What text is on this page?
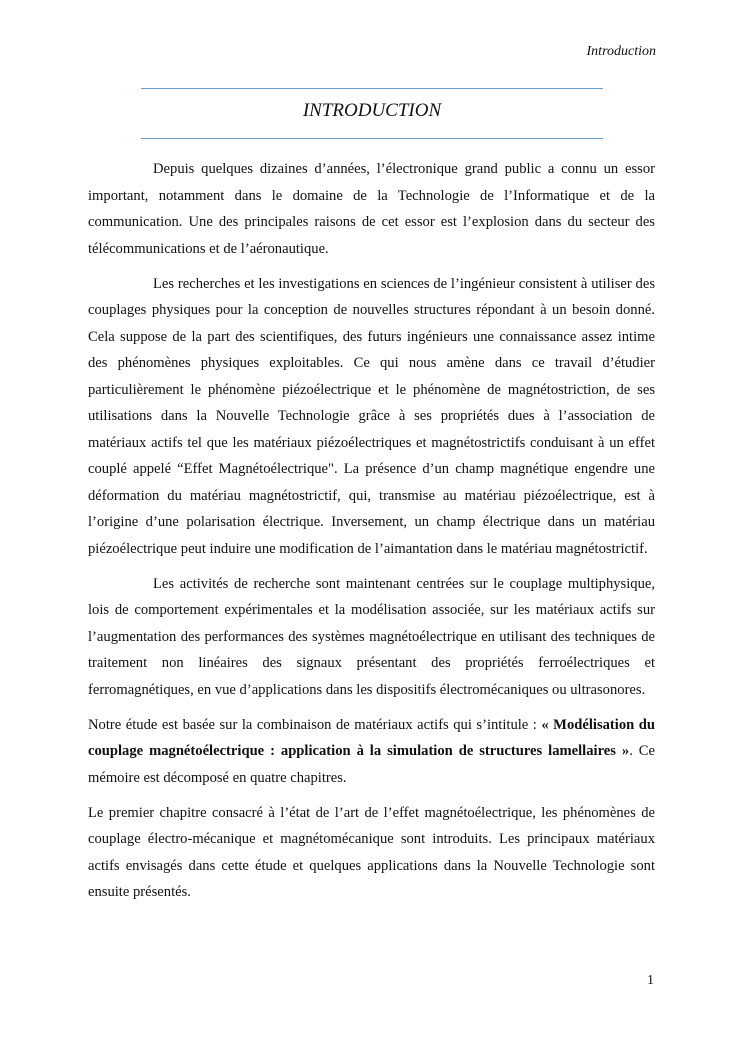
Introduction
INTRODUCTION

Depuis quelques dizaines d’années, l’électronique grand public a connu un essor important, notamment dans le domaine de la Technologie de l’Informatique et de la communication. Une des principales raisons de cet essor est l’explosion dans du secteur des télécommunications et de l’aéronautique.

Les recherches et les investigations en sciences de l’ingénieur consistent à utiliser des couplages physiques pour la conception de nouvelles structures répondant à un besoin donné. Cela suppose de la part des scientifiques, des futurs ingénieurs une connaissance assez intime des phénomènes physiques exploitables. Ce qui nous amène dans ce travail d’étudier particulièrement le phénomène piézoélectrique et le phénomène de magnétostriction, de ses utilisations dans la Nouvelle Technologie grâce à ses propriétés dues à l’association de matériaux actifs tel que les matériaux piézoélectriques et magnétostrictifs conduisant à un effet couplé appelé “Effet Magnétoélectrique". La présence d’un champ magnétique engendre une déformation du matériau magnétostrictif, qui, transmise au matériau piézoélectrique, est à l’origine d’une polarisation électrique. Inversement, un champ électrique dans un matériau piézoélectrique peut induire une modification de l’aimantation dans le matériau magnétostrictif.

Les activités de recherche sont maintenant centrées sur le couplage multiphysique, lois de comportement expérimentales et la modélisation associée, sur les matériaux actifs sur l’augmentation des performances des systèmes magnétoélectrique en utilisant des techniques de traitement non linéaires des signaux présentant des propriétés ferroélectriques et ferromagnétiques, en vue d’applications dans les dispositifs électromécaniques ou ultrasonores.

Notre étude est basée sur la combinaison de matériaux actifs qui s’intitule : « Modélisation du couplage magnétoélectrique : application à la simulation de structures lamellaires ». Ce mémoire est décomposé en quatre chapitres.

Le premier chapitre consacré à l’état de l’art de l’effet magnétoélectrique, les phénomènes de couplage électro-mécanique et magnétomécanique sont introduits. Les principaux matériaux actifs envisagés dans cette étude et quelques applications dans la Nouvelle Technologie sont ensuite présentés.

1
